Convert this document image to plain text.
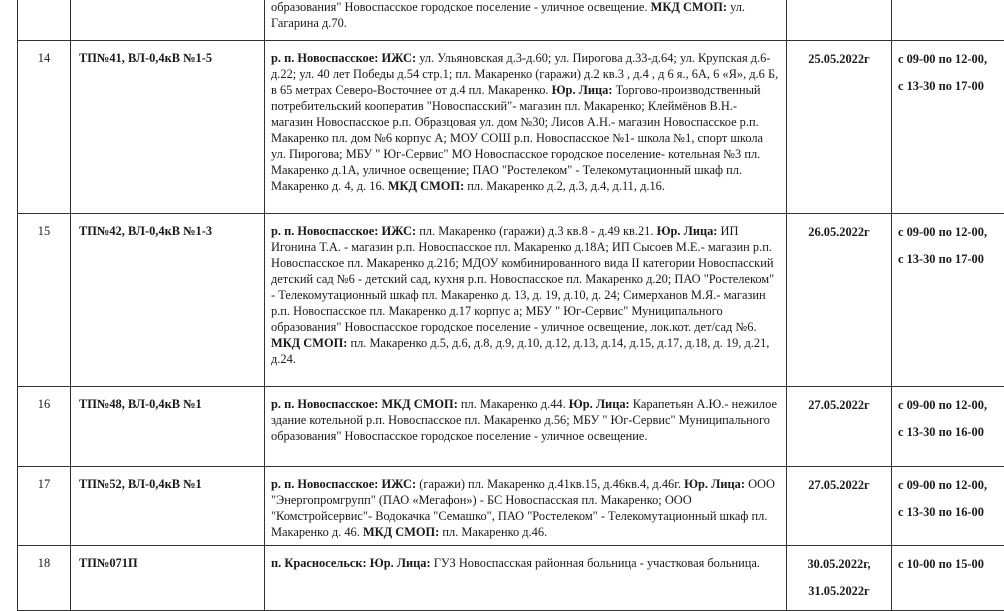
		образования" Новоспасское городское поселение - уличное освещение. МКД СМОП: ул. Гагарина д.70.		

14	ТП№41, ВЛ-0,4кВ №1-5	р. п. Новоспасское: ИЖС: ул. Ульяновская д.3-д.60; ул. Пирогова д.33-д.64; ул. Крупская д.6-д.22; ул. 40 лет Победы д.54 стр.1; пл. Макаренко (гаражи) д.2 кв.3 , д.4 , д 6 я., 6А, 6 «Я», д.6 Б, в 65 метрах Северо-Восточнее от д.4 пл. Макаренко. Юр. Лица: Торгово-производственный потребительский кооператив "Новоспасский"- магазин пл. Макаренко; Клеймёнов В.Н.- магазин Новоспасское р.п. Образцовая ул. дом №30; Лисов А.Н.- магазин Новоспасское р.п. Макаренко пл. дом №6 корпус А; МОУ СОШ р.п. Новоспасское №1- школа №1, спорт школа ул. Пирогова; МБУ " Юг-Сервис" МО Новоспасское городское поселение- котельная №3 пл. Макаренко д.1А, уличное освещение; ПАО "Ростелеком" - Телекомутационный шкаф пл. Макаренко д. 4, д. 16. МКД СМОП: пл. Макаренко д.2, д.3, д.4, д.11, д.16.	25.05.2022г	с 09-00 по 12-00,
с 13-30 по 17-00

15	ТП№42, ВЛ-0,4кВ №1-3	р. п. Новоспасское: ИЖС: пл. Макаренко (гаражи) д.3 кв.8 - д.49 кв.21. Юр. Лица: ИП Игонина Т.А. - магазин р.п. Новоспасское пл. Макаренко д.18А; ИП Сысоев М.Е.- магазин р.п. Новоспасское пл. Макаренко д.21б; МДОУ комбинированного вида II категории Новоспасский детский сад №6 - детский сад, кухня р.п. Новоспасское пл. Макаренко д.20; ПАО "Ростелеком" - Телекомутационный шкаф пл. Макаренко д. 13, д. 19, д.10, д. 24; Симерханов М.Я.- магазин р.п. Новоспасское пл. Макаренко д.17 корпус а; МБУ " Юг-Сервис" Муниципального образования" Новоспасское городское поселение - уличное освещение, лок.кот. дет/сад №6. МКД СМОП: пл. Макаренко д.5, д.6, д.8, д.9, д.10, д.12, д.13, д.14, д.15, д.17, д.18, д. 19, д.21, д.24.	26.05.2022г	с 09-00 по 12-00,
с 13-30 по 17-00

16	ТП№48, ВЛ-0,4кВ №1	р. п. Новоспасское: МКД СМОП: пл. Макаренко д.44. Юр. Лица: Карапетьян А.Ю.- нежилое здание котельной р.п. Новоспасское пл. Макаренко д.56; МБУ " Юг-Сервис" Муниципального образования" Новоспасское городское поселение - уличное освещение.	27.05.2022г	с 09-00 по 12-00,
с 13-30 по 16-00

17	ТП№52, ВЛ-0,4кВ №1	р. п. Новоспасское: ИЖС: (гаражи) пл. Макаренко д.41кв.15, д.46кв.4, д.46г. Юр. Лица: ООО "Энергопромгрупп" (ПАО «Мегафон») - БС Новоспасская пл. Макаренко; ООО "Комстройсервис"- Водокачка "Семашко", ПАО "Ростелеком" - Телекомутационный шкаф пл. Макаренко д. 46. МКД СМОП: пл. Макаренко д.46.	27.05.2022г	с 09-00 по 12-00,
с 13-30 по 16-00

18	ТП№071П	п. Красносельск: Юр. Лица: ГУЗ Новоспасская районная больница - участковая больница.	30.05.2022г,
31.05.2022г	с 10-00 по 15-00
